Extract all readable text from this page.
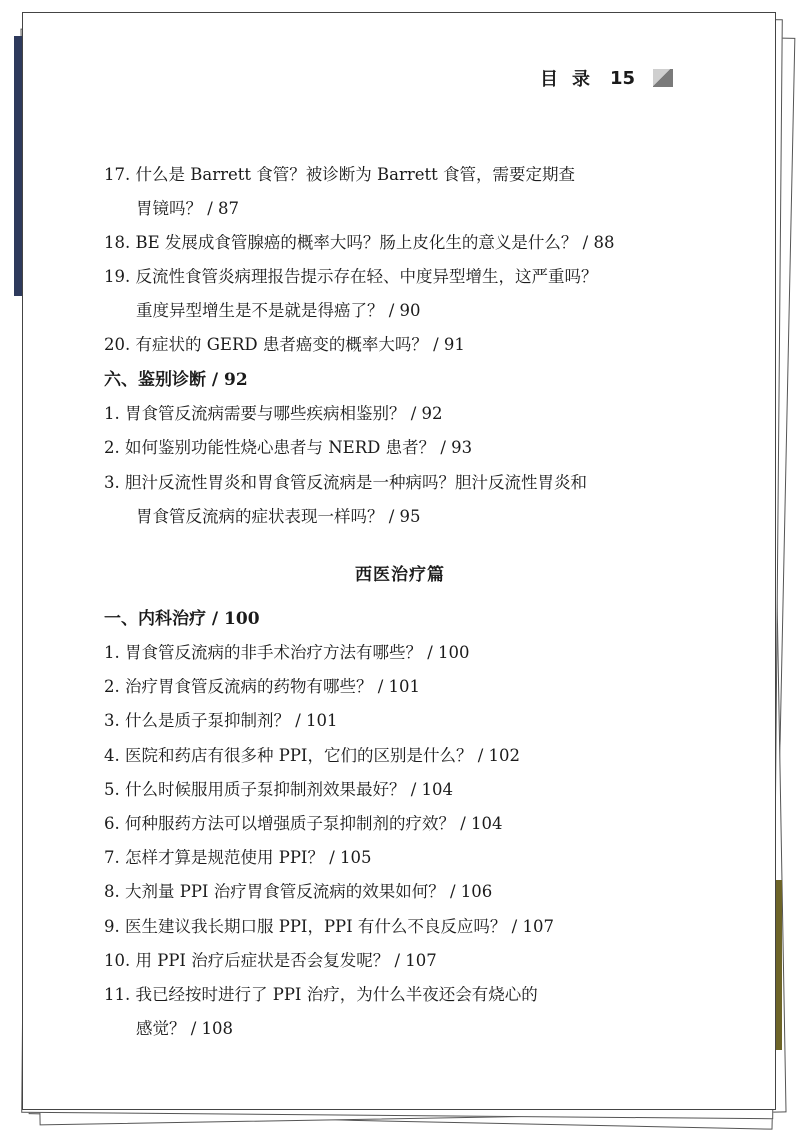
目录 15
17. 什么是 Barrett 食管？被诊断为 Barrett 食管，需要定期查
胃镜吗？ / 87
18. BE 发展成食管腺癌的概率大吗？肠上皮化生的意义是什么？ / 88
19. 反流性食管炎病理报告提示存在轻、中度异型增生，这严重吗？
重度异型增生是不是就是得癌了？ / 90
20. 有症状的 GERD 患者癌变的概率大吗？ / 91
六、鉴别诊断 / 92
1. 胃食管反流病需要与哪些疾病相鉴别？ / 92
2. 如何鉴别功能性烧心患者与 NERD 患者？ / 93
3. 胆汁反流性胃炎和胃食管反流病是一种病吗？胆汁反流性胃炎和
胃食管反流病的症状表现一样吗？ / 95
西医治疗篇
一、内科治疗 / 100
1. 胃食管反流病的非手术治疗方法有哪些？ / 100
2. 治疗胃食管反流病的药物有哪些？ / 101
3. 什么是质子泵抑制剂？ / 101
4. 医院和药店有很多种 PPI，它们的区别是什么？ / 102
5. 什么时候服用质子泵抑制剂效果最好？ / 104
6. 何种服药方法可以增强质子泵抑制剂的疗效？ / 104
7. 怎样才算是规范使用 PPI？ / 105
8. 大剂量 PPI 治疗胃食管反流病的效果如何？ / 106
9. 医生建议我长期口服 PPI，PPI 有什么不良反应吗？ / 107
10. 用 PPI 治疗后症状是否会复发呢？ / 107
11. 我已经按时进行了 PPI 治疗，为什么半夜还会有烧心的
感觉？ / 108
